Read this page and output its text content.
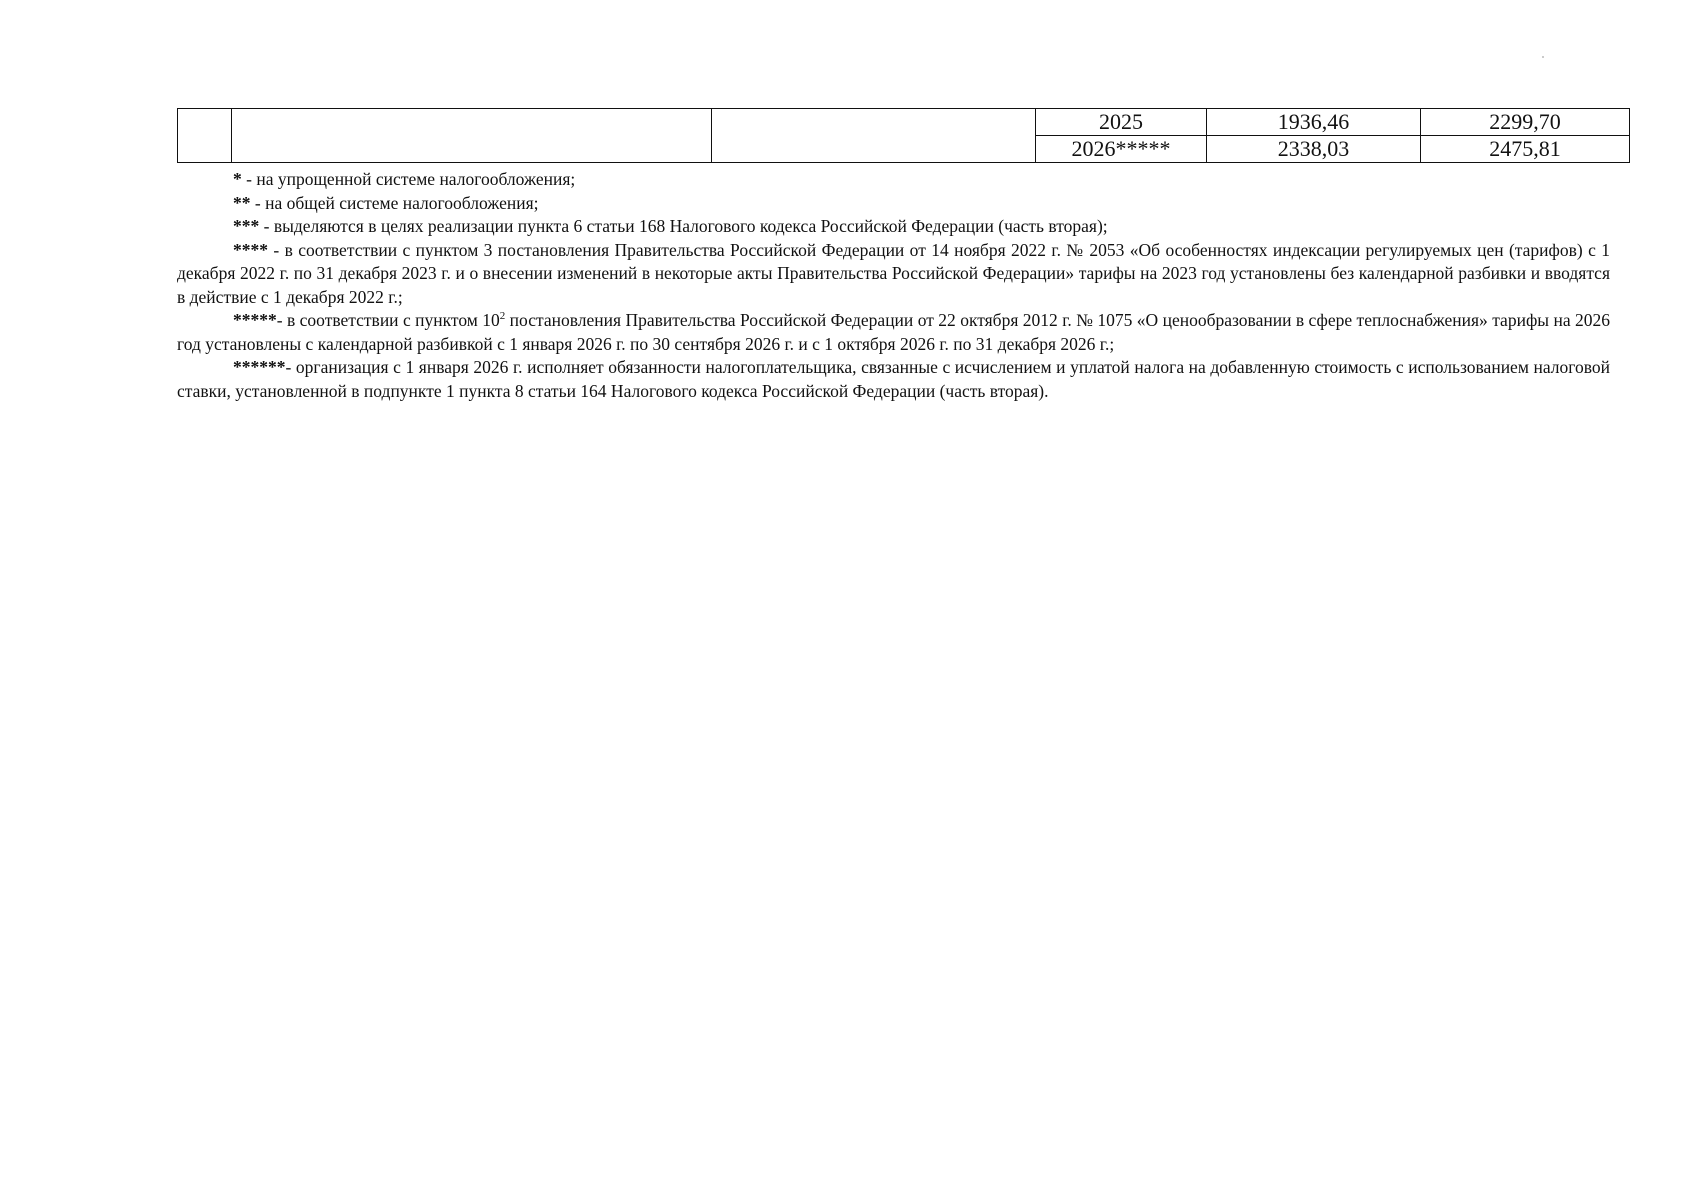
			2025	1936,46	2299,70
			2026*****	2338,03	2475,81

* - на упрощенной системе налогообложения;

** - на общей системе налогообложения;

*** - выделяются в целях реализации пункта 6 статьи 168 Налогового кодекса Российской Федерации (часть вторая);

**** - в соответствии с пунктом 3 постановления Правительства Российской Федерации от 14 ноября 2022 г. № 2053 «Об особенностях индексации регулируемых цен (тарифов) с 1 декабря 2022 г. по 31 декабря 2023 г. и о внесении изменений в некоторые акты Правительства Российской Федерации» тарифы на 2023 год установлены без календарной разбивки и вводятся в действие с 1 декабря 2022 г.;

*****- в соответствии с пунктом $10^2$ постановления Правительства Российской Федерации от 22 октября 2012 г. № 1075 «О ценообразовании в сфере теплоснабжения» тарифы на 2026 год установлены с календарной разбивкой с 1 января 2026 г. по 30 сентября 2026 г. и с 1 октября 2026 г. по 31 декабря 2026 г.;

******- организация с 1 января 2026 г. исполняет обязанности налогоплательщика, связанные с исчислением и уплатой налога на добавленную стоимость с использованием налоговой ставки, установленной в подпункте 1 пункта 8 статьи 164 Налогового кодекса Российской Федерации (часть вторая).
